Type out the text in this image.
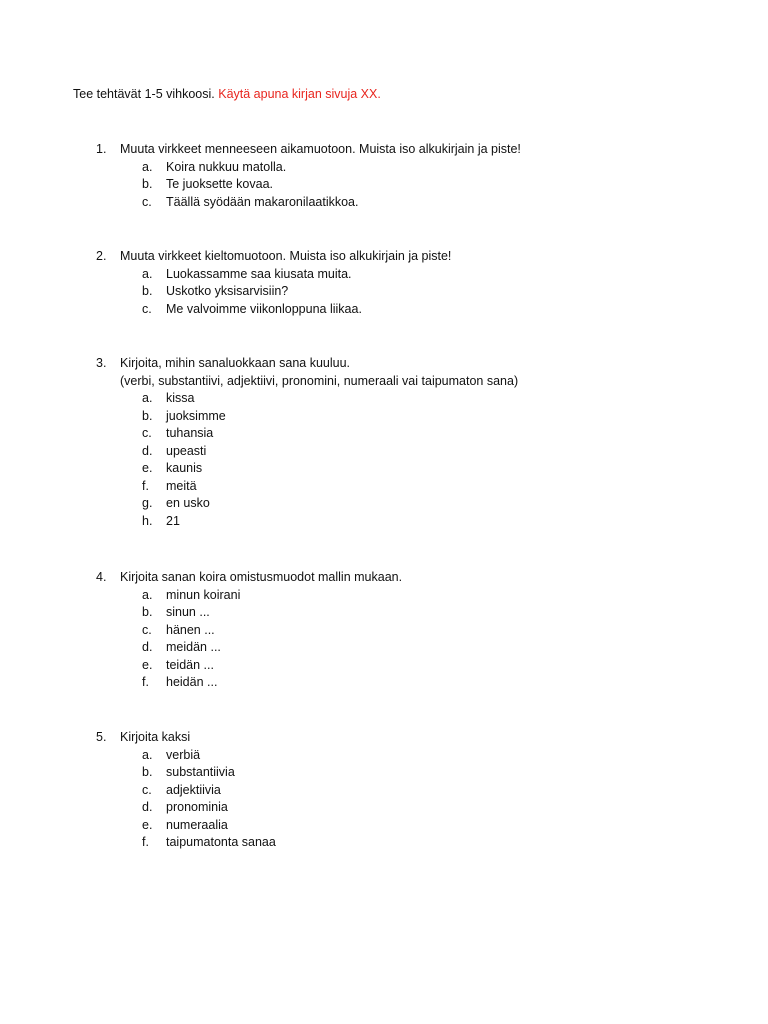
Tee tehtävät 1-5 vihkoosi. Käytä apuna kirjan sivuja XX.
1. Muuta virkkeet menneeseen aikamuotoon. Muista iso alkukirjain ja piste!
a. Koira nukkuu matolla.
b. Te juoksette kovaa.
c. Täällä syödään makaronilaatikkoa.
2. Muuta virkkeet kieltomuotoon. Muista iso alkukirjain ja piste!
a. Luokassamme saa kiusata muita.
b. Uskotko yksisarvisiin?
c. Me valvoimme viikonloppuna liikaa.
3. Kirjoita, mihin sanaluokkaan sana kuuluu.
(verbi, substantiivi, adjektiivi, pronomini, numeraali vai taipumaton sana)
a. kissa
b. juoksimme
c. tuhansia
d. upeasti
e. kaunis
f. meitä
g. en usko
h. 21
4. Kirjoita sanan koira omistusmuodot mallin mukaan.
a. minun koirani
b. sinun ...
c. hänen ...
d. meidän ...
e. teidän ...
f. heidän ...
5. Kirjoita kaksi
a. verbiä
b. substantiivia
c. adjektiivia
d. pronominia
e. numeraalia
f. taipumatonta sanaa
